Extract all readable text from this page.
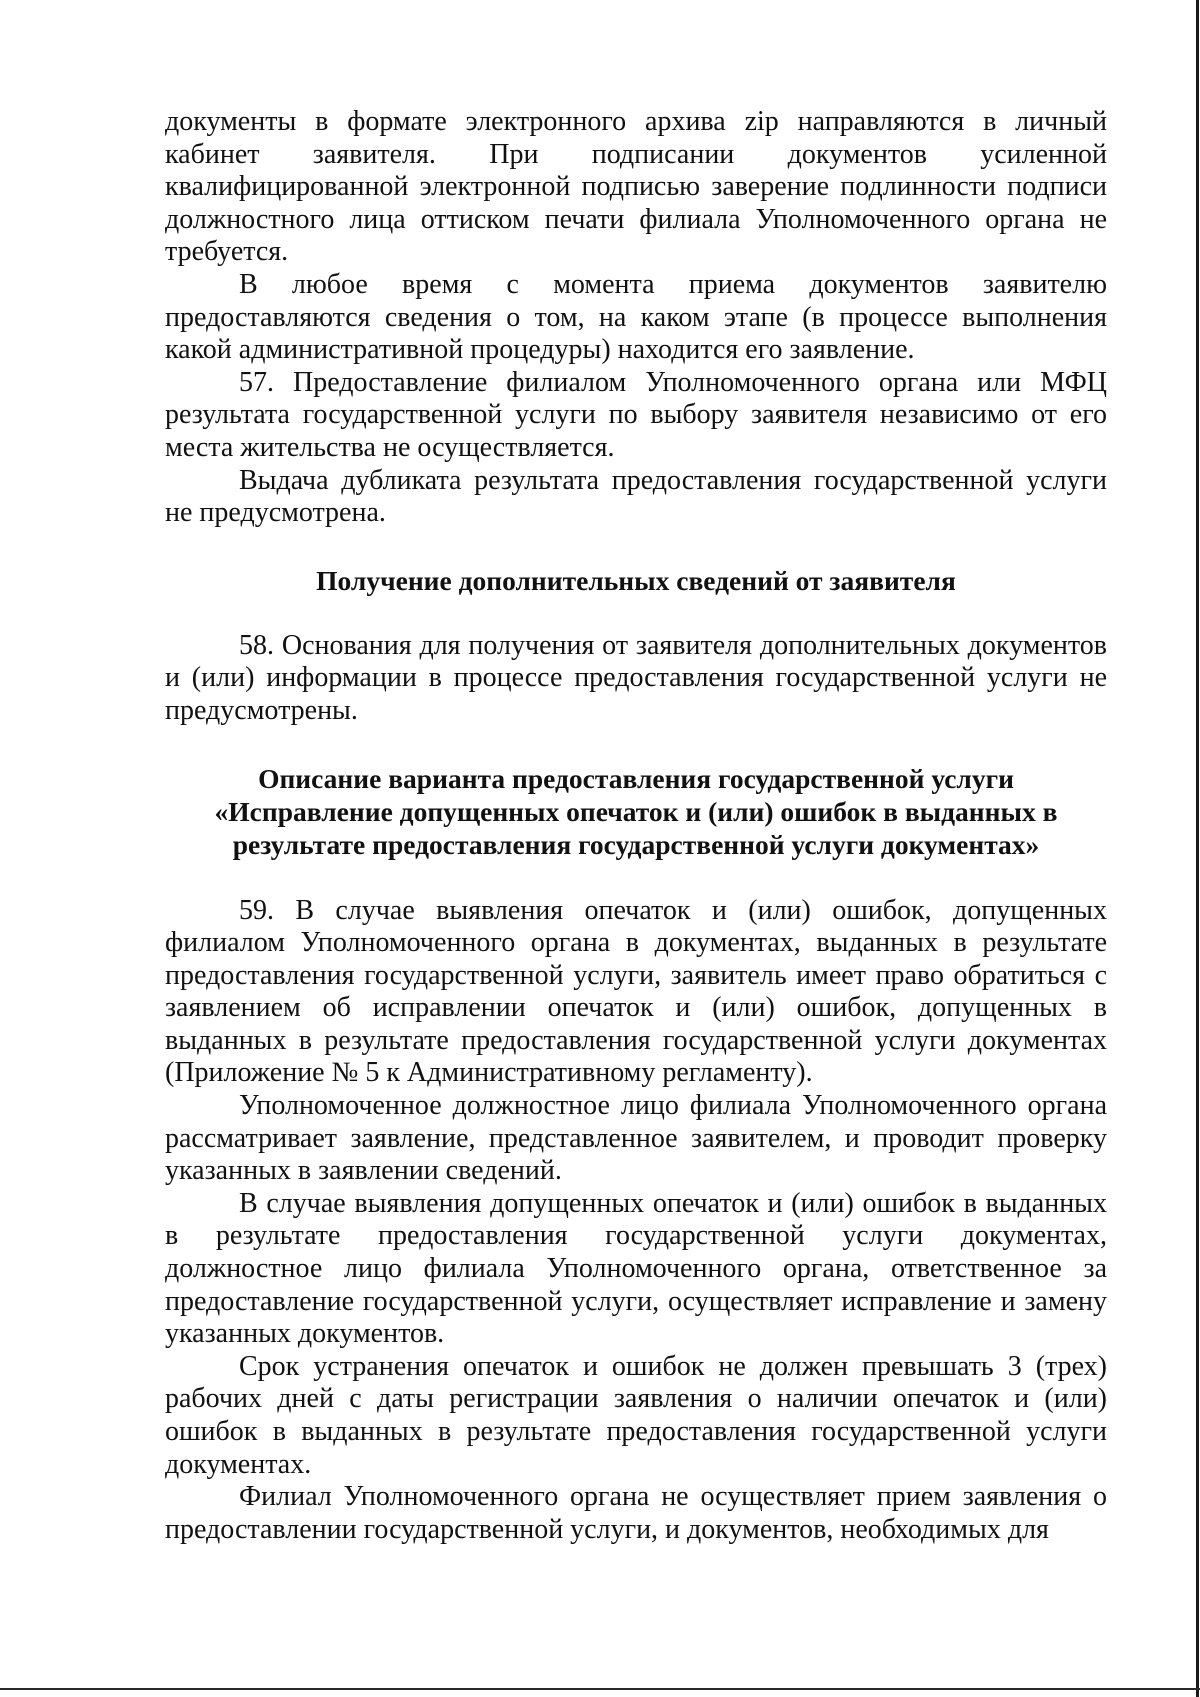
документы в формате электронного архива zip направляются в личный кабинет заявителя. При подписании документов усиленной квалифицированной электронной подписью заверение подлинности подписи должностного лица оттиском печати филиала Уполномоченного органа не требуется.

В любое время с момента приема документов заявителю предоставляются сведения о том, на каком этапе (в процессе выполнения какой административной процедуры) находится его заявление.

57. Предоставление филиалом Уполномоченного органа или МФЦ результата государственной услуги по выбору заявителя независимо от его места жительства не осуществляется.

Выдача дубликата результата предоставления государственной услуги не предусмотрена.

Получение дополнительных сведений от заявителя

58. Основания для получения от заявителя дополнительных документов и (или) информации в процессе предоставления государственной услуги не предусмотрены.

Описание варианта предоставления государственной услуги

«Исправление допущенных опечаток и (или) ошибок в выданных в

результате предоставления государственной услуги документах»

59. В случае выявления опечаток и (или) ошибок, допущенных филиалом Уполномоченного органа в документах, выданных в результате предоставления государственной услуги, заявитель имеет право обратиться с заявлением об исправлении опечаток и (или) ошибок, допущенных в выданных в результате предоставления государственной услуги документах (Приложение № 5 к Административному регламенту).

Уполномоченное должностное лицо филиала Уполномоченного органа рассматривает заявление, представленное заявителем, и проводит проверку указанных в заявлении сведений.

В случае выявления допущенных опечаток и (или) ошибок в выданных в результате предоставления государственной услуги документах, должностное лицо филиала Уполномоченного органа, ответственное за предоставление государственной услуги, осуществляет исправление и замену указанных документов.

Срок устранения опечаток и ошибок не должен превышать 3 (трех) рабочих дней с даты регистрации заявления о наличии опечаток и (или) ошибок в выданных в результате предоставления государственной услуги документах.

Филиал Уполномоченного органа не осуществляет прием заявления о предоставлении государственной услуги, и документов, необходимых для
